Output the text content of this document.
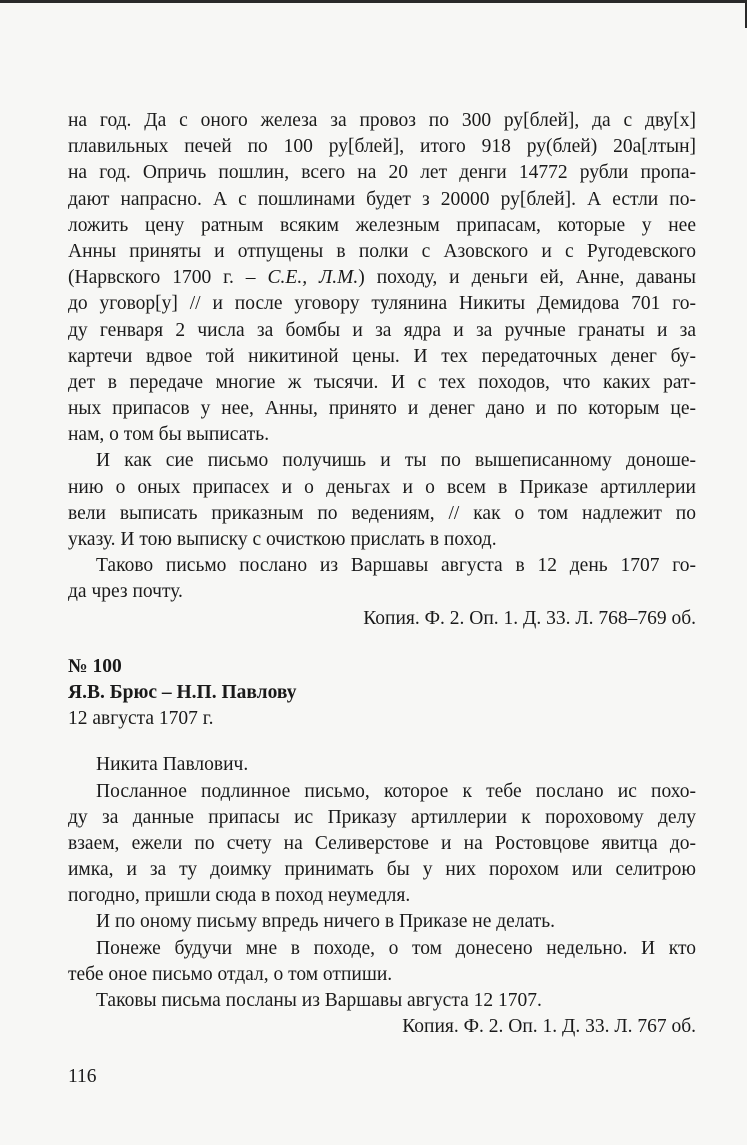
на год. Да с оного железа за провоз по 300 ру[блей], да с дву[х]
плавильных печей по 100 ру[блей], итого 918 ру(блей) 20а[лтын]
на год. Опричь пошлин, всего на 20 лет денги 14772 рубли пропа-
дают напрасно. А с пошлинами будет з 20000 ру[блей]. А естли по-
ложить цену ратным всяким железным припасам, которые у нее
Анны приняты и отпущены в полки с Азовского и с Ругодевского
(Нарвского 1700 г. – С.Е., Л.М.) походу, и деньги ей, Анне, даваны
до уговор[у] // и после уговору тулянина Никиты Демидова 701 го-
ду генваря 2 числа за бомбы и за ядра и за ручные гранаты и за
картечи вдвое той никитиной цены. И тех передаточных денег бу-
дет в передаче многие ж тысячи. И с тех походов, что каких рат-
ных припасов у нее, Анны, принято и денег дано и по которым це-
нам, о том бы выписать.
И как сие письмо получишь и ты по вышеписанному доноше-
нию о оных припасех и о деньгах и о всем в Приказе артиллерии
вели выписать приказным по ведениям, // как о том надлежит по
указу. И тою выписку с очисткою прислать в поход.
Таково письмо послано из Варшавы августа в 12 день 1707 го-
да чрез почту.
Копия. Ф. 2. Оп. 1. Д. 33. Л. 768–769 об.
№ 100
Я.В. Брюс – Н.П. Павлову
12 августа 1707 г.
Никита Павлович.
Посланное подлинное письмо, которое к тебе послано ис похо-
ду за данные припасы ис Приказу артиллерии к пороховому делу
взаем, ежели по счету на Селиверстове и на Ростовцове явитца до-
имка, и за ту доимку принимать бы у них порохом или селитрою
погодно, пришли сюда в поход неумедля.
И по оному письму впредь ничего в Приказе не делать.
Понеже будучи мне в походе, о том донесено недельно. И кто
тебе оное письмо отдал, о том отпиши.
Таковы письма посланы из Варшавы августа 12 1707.
Копия. Ф. 2. Оп. 1. Д. 33. Л. 767 об.
116
